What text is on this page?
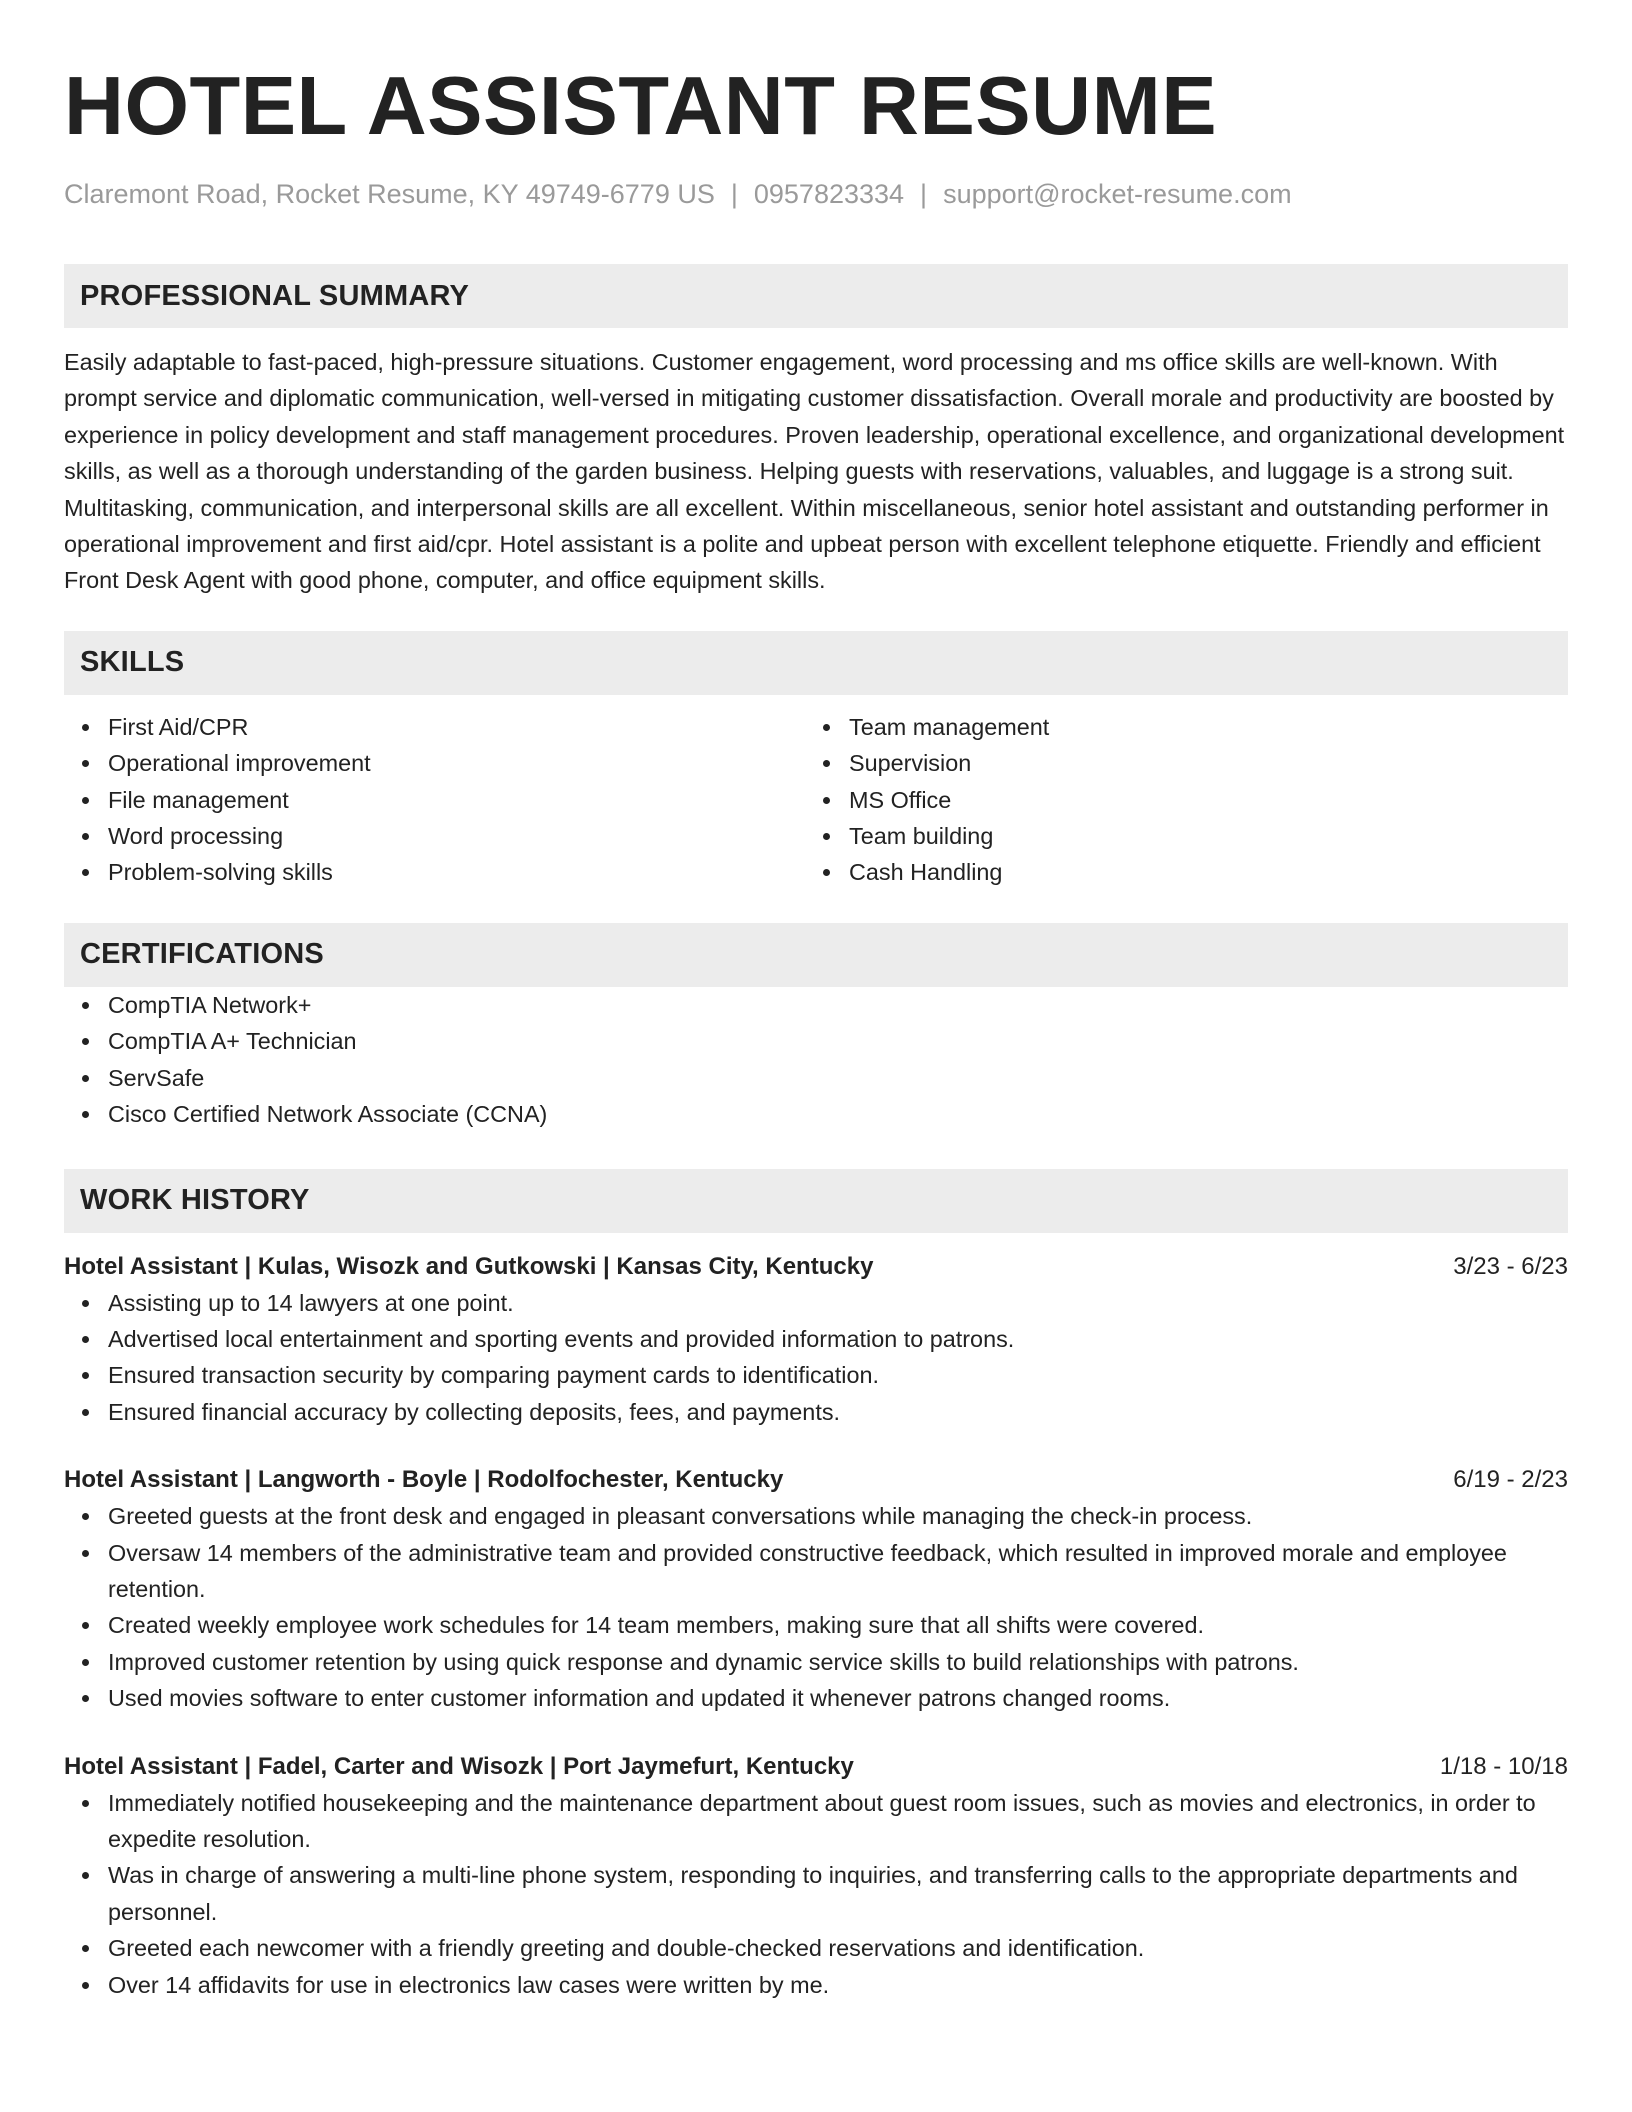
HOTEL ASSISTANT RESUME
Claremont Road, Rocket Resume, KY 49749-6779 US | 0957823334 | support@rocket-resume.com
PROFESSIONAL SUMMARY
Easily adaptable to fast-paced, high-pressure situations. Customer engagement, word processing and ms office skills are well-known. With prompt service and diplomatic communication, well-versed in mitigating customer dissatisfaction. Overall morale and productivity are boosted by experience in policy development and staff management procedures. Proven leadership, operational excellence, and organizational development skills, as well as a thorough understanding of the garden business. Helping guests with reservations, valuables, and luggage is a strong suit. Multitasking, communication, and interpersonal skills are all excellent. Within miscellaneous, senior hotel assistant and outstanding performer in operational improvement and first aid/cpr. Hotel assistant is a polite and upbeat person with excellent telephone etiquette. Friendly and efficient Front Desk Agent with good phone, computer, and office equipment skills.
SKILLS
First Aid/CPR
Operational improvement
File management
Word processing
Problem-solving skills
Team management
Supervision
MS Office
Team building
Cash Handling
CERTIFICATIONS
CompTIA Network+
CompTIA A+ Technician
ServSafe
Cisco Certified Network Associate (CCNA)
WORK HISTORY
Hotel Assistant | Kulas, Wisozk and Gutkowski | Kansas City, Kentucky	3/23 - 6/23
Assisting up to 14 lawyers at one point.
Advertised local entertainment and sporting events and provided information to patrons.
Ensured transaction security by comparing payment cards to identification.
Ensured financial accuracy by collecting deposits, fees, and payments.
Hotel Assistant | Langworth - Boyle | Rodolfochester, Kentucky	6/19 - 2/23
Greeted guests at the front desk and engaged in pleasant conversations while managing the check-in process.
Oversaw 14 members of the administrative team and provided constructive feedback, which resulted in improved morale and employee retention.
Created weekly employee work schedules for 14 team members, making sure that all shifts were covered.
Improved customer retention by using quick response and dynamic service skills to build relationships with patrons.
Used movies software to enter customer information and updated it whenever patrons changed rooms.
Hotel Assistant | Fadel, Carter and Wisozk | Port Jaymefurt, Kentucky	1/18 - 10/18
Immediately notified housekeeping and the maintenance department about guest room issues, such as movies and electronics, in order to expedite resolution.
Was in charge of answering a multi-line phone system, responding to inquiries, and transferring calls to the appropriate departments and personnel.
Greeted each newcomer with a friendly greeting and double-checked reservations and identification.
Over 14 affidavits for use in electronics law cases were written by me.
